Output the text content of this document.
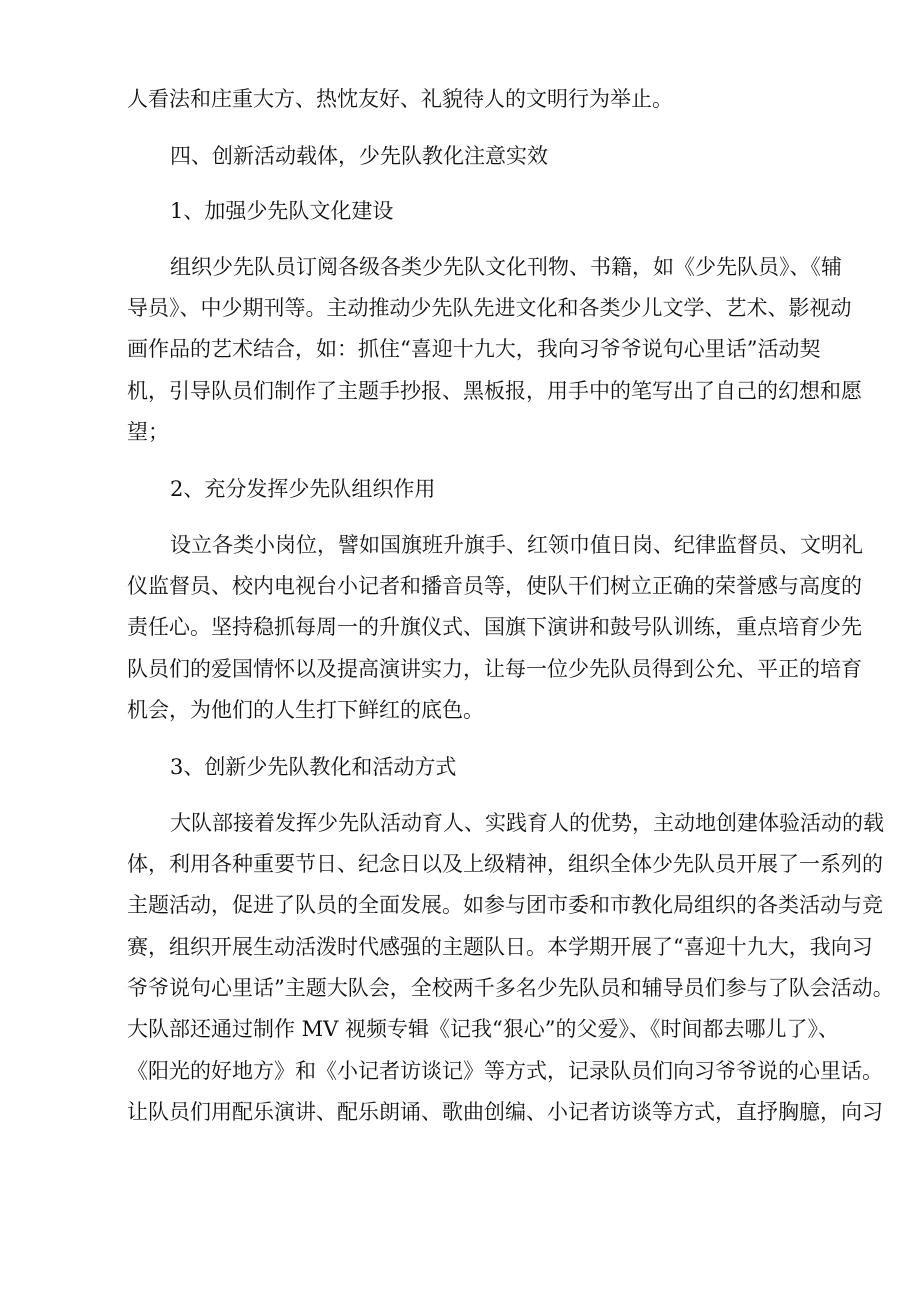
人看法和庄重大方、热忱友好、礼貌待人的文明行为举止。

四、创新活动载体，少先队教化注意实效

1、加强少先队文化建设

组织少先队员订阅各级各类少先队文化刊物、书籍，如《少先队员》、《辅

导员》、中少期刊等。主动推动少先队先进文化和各类少儿文学、艺术、影视动

画作品的艺术结合，如：抓住“喜迎十九大，我向习爷爷说句心里话”活动契

机，引导队员们制作了主题手抄报、黑板报，用手中的笔写出了自己的幻想和愿

望；

2、充分发挥少先队组织作用

设立各类小岗位，譬如国旗班升旗手、红领巾值日岗、纪律监督员、文明礼

仪监督员、校内电视台小记者和播音员等，使队干们树立正确的荣誉感与高度的

责任心。坚持稳抓每周一的升旗仪式、国旗下演讲和鼓号队训练，重点培育少先

队员们的爱国情怀以及提高演讲实力，让每一位少先队员得到公允、平正的培育

机会，为他们的人生打下鲜红的底色。

3、创新少先队教化和活动方式

大队部接着发挥少先队活动育人、实践育人的优势，主动地创建体验活动的载

体，利用各种重要节日、纪念日以及上级精神，组织全体少先队员开展了一系列的

主题活动，促进了队员的全面发展。如参与团市委和市教化局组织的各类活动与竞

赛，组织开展生动活泼时代感强的主题队日。本学期开展了“喜迎十九大，我向习

爷爷说句心里话”主题大队会，全校两千多名少先队员和辅导员们参与了队会活动。

大队部还通过制作 MV 视频专辑《记我“狠心”的父爱》、《时间都去哪儿了》、

《阳光的好地方》和《小记者访谈记》等方式，记录队员们向习爷爷说的心里话。

让队员们用配乐演讲、配乐朗诵、歌曲创编、小记者访谈等方式，直抒胸臆，向习
